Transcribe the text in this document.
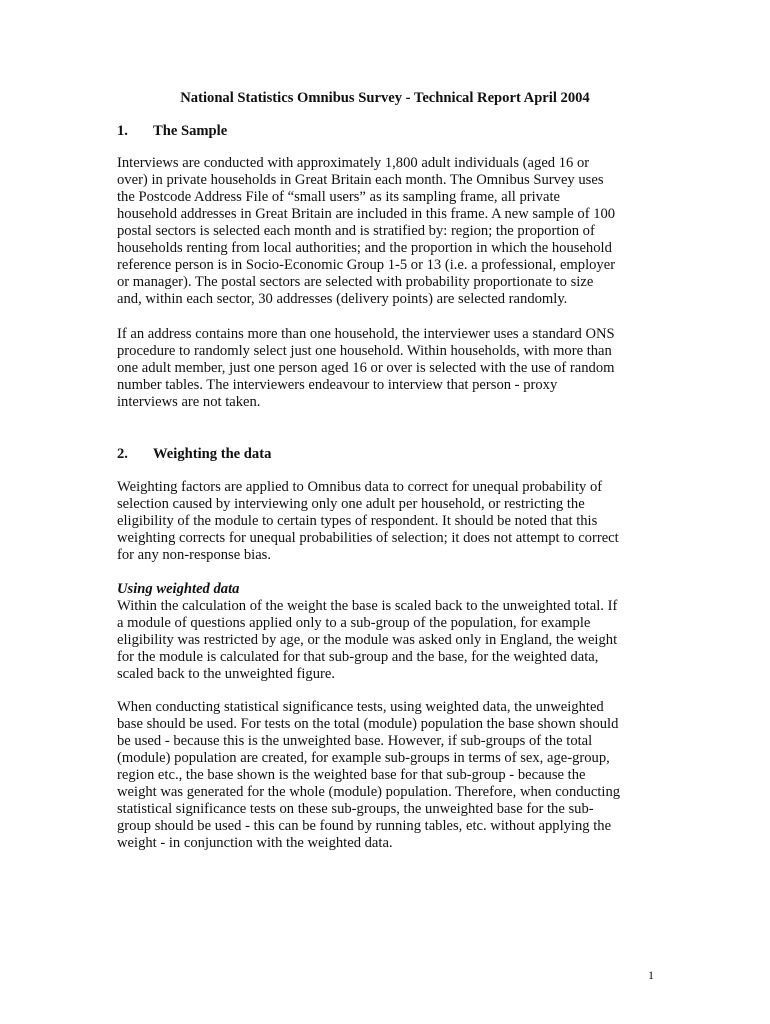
National Statistics Omnibus Survey - Technical Report April 2004
1. The Sample
Interviews are conducted with approximately 1,800 adult individuals (aged 16 or
over) in private households in Great Britain each month. The Omnibus Survey uses
the Postcode Address File of “small users” as its sampling frame, all private
household addresses in Great Britain are included in this frame. A new sample of 100
postal sectors is selected each month and is stratified by: region; the proportion of
households renting from local authorities; and the proportion in which the household
reference person is in Socio-Economic Group 1-5 or 13 (i.e. a professional, employer
or manager). The postal sectors are selected with probability proportionate to size
and, within each sector, 30 addresses (delivery points) are selected randomly.
If an address contains more than one household, the interviewer uses a standard ONS
procedure to randomly select just one household. Within households, with more than
one adult member, just one person aged 16 or over is selected with the use of random
number tables. The interviewers endeavour to interview that person - proxy
interviews are not taken.
2. Weighting the data
Weighting factors are applied to Omnibus data to correct for unequal probability of
selection caused by interviewing only one adult per household, or restricting the
eligibility of the module to certain types of respondent. It should be noted that this
weighting corrects for unequal probabilities of selection; it does not attempt to correct
for any non-response bias.
Using weighted data
Within the calculation of the weight the base is scaled back to the unweighted total. If
a module of questions applied only to a sub-group of the population, for example
eligibility was restricted by age, or the module was asked only in England, the weight
for the module is calculated for that sub-group and the base, for the weighted data,
scaled back to the unweighted figure.
When conducting statistical significance tests, using weighted data, the unweighted
base should be used. For tests on the total (module) population the base shown should
be used - because this is the unweighted base. However, if sub-groups of the total
(module) population are created, for example sub-groups in terms of sex, age-group,
region etc., the base shown is the weighted base for that sub-group - because the
weight was generated for the whole (module) population. Therefore, when conducting
statistical significance tests on these sub-groups, the unweighted base for the sub-
group should be used - this can be found by running tables, etc. without applying the
weight - in conjunction with the weighted data.
1
